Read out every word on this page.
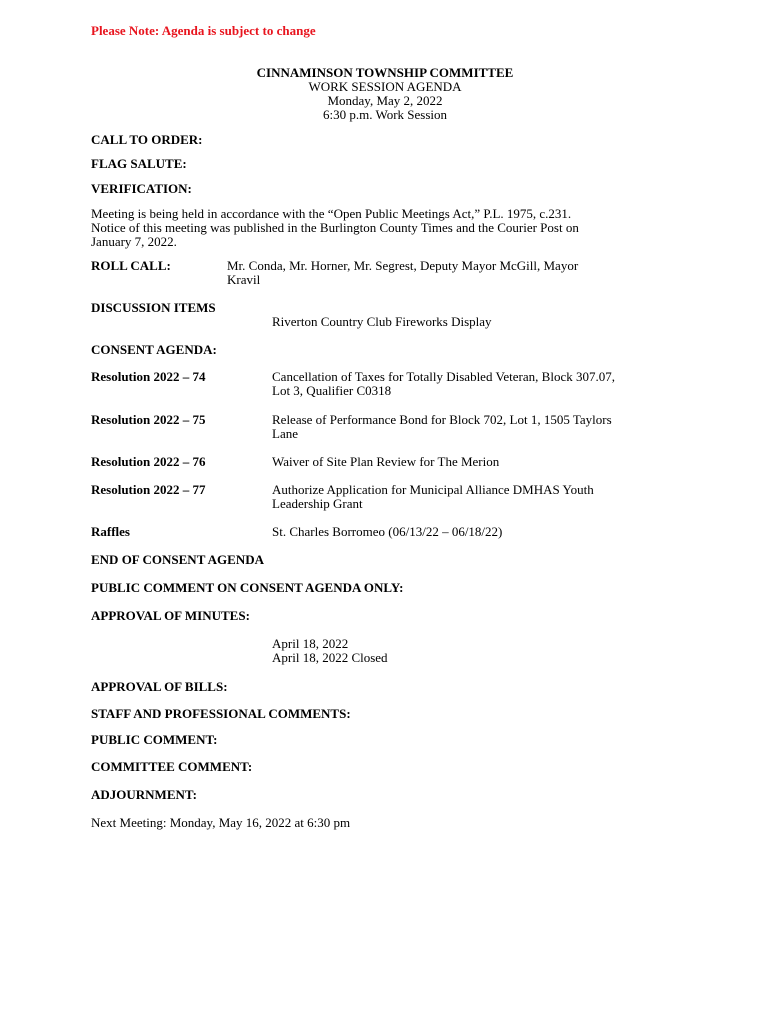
Please Note: Agenda is subject to change
CINNAMINSON TOWNSHIP COMMITTEE
WORK SESSION AGENDA
Monday, May 2, 2022
6:30 p.m. Work Session
CALL TO ORDER:
FLAG SALUTE:
VERIFICATION:
Meeting is being held in accordance with the “Open Public Meetings Act,” P.L. 1975, c.231.
Notice of this meeting was published in the Burlington County Times and the Courier Post on
January 7, 2022.
ROLL CALL:	Mr. Conda, Mr. Horner, Mr. Segrest, Deputy Mayor McGill, Mayor
Kravil
DISCUSSION ITEMS
Riverton Country Club Fireworks Display
CONSENT AGENDA:
Resolution 2022 – 74	Cancellation of Taxes for Totally Disabled Veteran, Block 307.07,
Lot 3, Qualifier C0318
Resolution 2022 – 75	Release of Performance Bond for Block 702, Lot 1, 1505 Taylors
Lane
Resolution 2022 – 76	Waiver of Site Plan Review for The Merion
Resolution 2022 – 77	Authorize Application for Municipal Alliance DMHAS Youth
Leadership Grant
Raffles	St. Charles Borromeo (06/13/22 – 06/18/22)
END OF CONSENT AGENDA
PUBLIC COMMENT ON CONSENT AGENDA ONLY:
APPROVAL OF MINUTES:
April 18, 2022
April 18, 2022 Closed
APPROVAL OF BILLS:
STAFF AND PROFESSIONAL COMMENTS:
PUBLIC COMMENT:
COMMITTEE COMMENT:
ADJOURNMENT:
Next Meeting: Monday, May 16, 2022 at 6:30 pm
